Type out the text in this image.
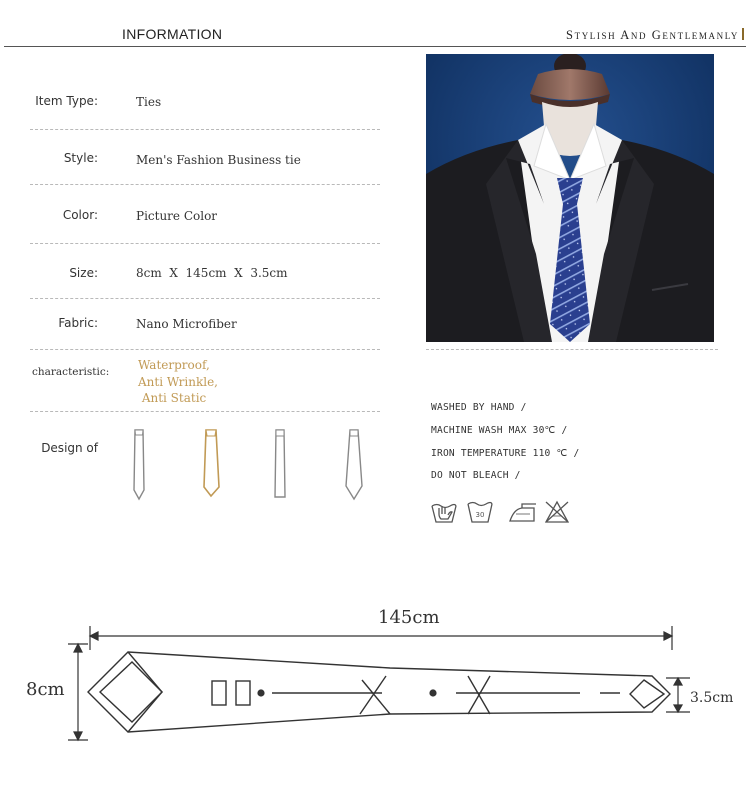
INFORMATION	Stylish And Gentlemanly
Item Type:	Ties
Style:	Men's Fashion Business tie
Color:	Picture Color
Size:	8cm  X  145cm  X  3.5cm
Fabric:	Nano Microfiber
characteristic: Waterproof,
Anti Wrinkle,
Anti Static
Design of
WASHED BY HAND /
MACHINE WASH MAX 30℃ /
IRON TEMPERATURE 110 ℃ /
DO NOT BLEACH /
30
145cm
8cm	3.5cm
